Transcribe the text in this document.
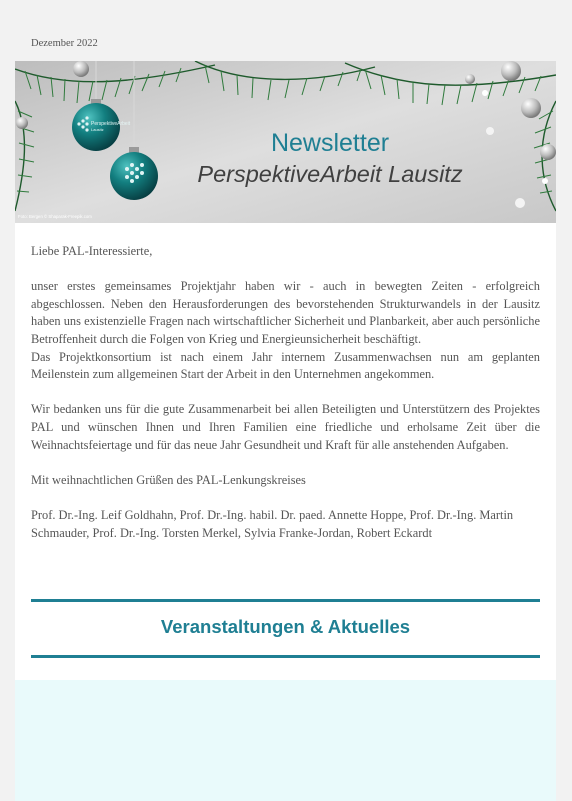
Dezember 2022
PerspektiveArbeit
Lausitz	Newsletter
PerspektiveArbeit Lausitz
Foto: Bergen © Shaparak-Freepik.com

Liebe PAL-Interessierte,

unser erstes gemeinsames Projektjahr haben wir - auch in bewegten Zeiten - erfolgreich abgeschlossen. Neben den Herausforderungen des bevorstehenden Strukturwandels in der Lausitz haben uns existenzielle Fragen nach wirtschaftlicher Sicherheit und Planbarkeit, aber auch persönliche Betroffenheit durch die Folgen von Krieg und Energieunsicherheit beschäftigt.

Das Projektkonsortium ist nach einem Jahr internem Zusammenwachsen nun am geplanten Meilenstein zum allgemeinen Start der Arbeit in den Unternehmen angekommen.

Wir bedanken uns für die gute Zusammenarbeit bei allen Beteiligten und Unterstützern des Projektes PAL und wünschen Ihnen und Ihren Familien eine friedliche und erholsame Zeit über die Weihnachtsfeiertage und für das neue Jahr Gesundheit und Kraft für alle anstehenden Aufgaben.

Mit weihnachtlichen Grüßen des PAL-Lenkungskreises

Prof. Dr.-Ing. Leif Goldhahn, Prof. Dr.-Ing. habil. Dr. paed. Annette Hoppe, Prof. Dr.-Ing. Martin Schmauder, Prof. Dr.-Ing. Torsten Merkel, Sylvia Franke-Jordan, Robert Eckardt

Veranstaltungen & Aktuelles
